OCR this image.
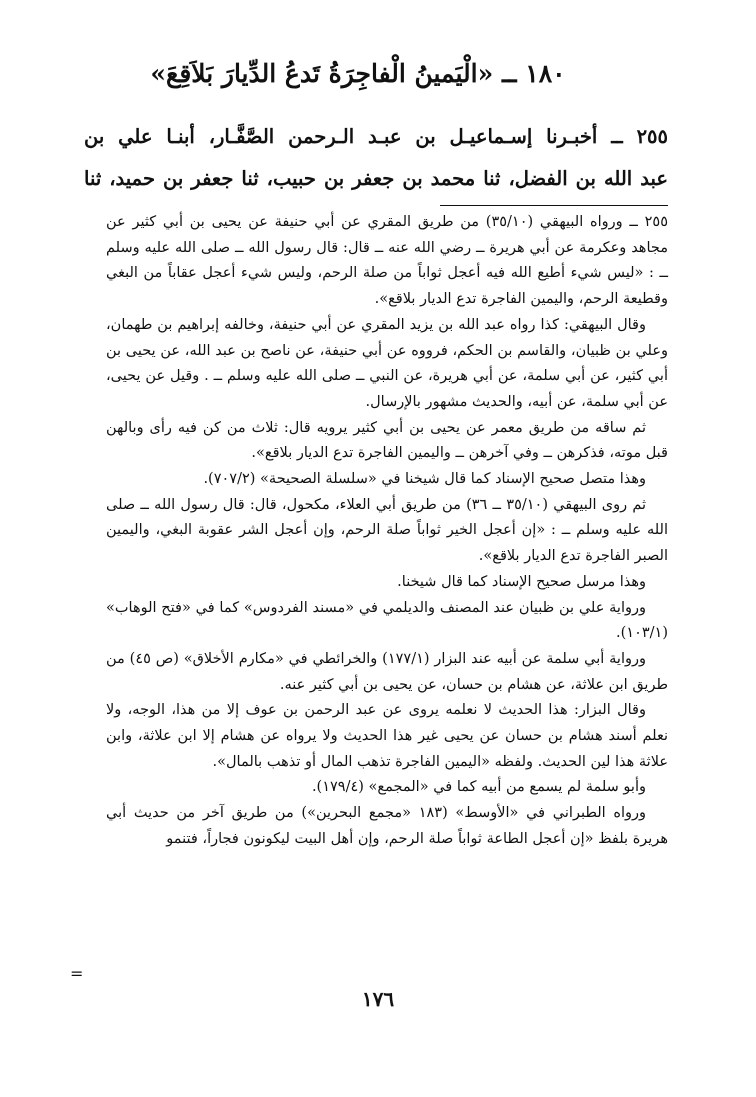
١٨٠ ــ «الْيَمينُ الْفاجِرَةُ تَدعُ الدِّيارَ بَلاَقِعَ»

٢٥٥ ــ أخبـرنا إسـماعيـل بن عبـد الـرحمن الصَّفَّـار، أبنـا علي بن
عبد الله بن الفضل، ثنا محمد بن جعفر بن حبيب، ثنا جعفر بن حميد، ثنا

٢٥٥ ــ ورواه البيهقي (٣٥/١٠) من طريق المقري عن أبي حنيفة عن يحيى بن أبي كثير عن مجاهد وعكرمة عن أبي هريرة ــ رضي الله عنه ــ قال: قال رسول الله ــ صلى الله عليه وسلم ــ : «ليس شيء أطيع الله فيه أعجل ثواباً من صلة الرحم، وليس شيء أعجل عقاباً من البغي وقطيعة الرحم، واليمين الفاجرة تدع الديار بلاقع».

وقال البيهقي: كذا رواه عبد الله بن يزيد المقري عن أبي حنيفة، وخالفه إبراهيم بن طهمان، وعلي بن ظبيان، والقاسم بن الحكم، فرووه عن أبي حنيفة، عن ناصح بن عبد الله، عن يحيى بن أبي كثير، عن أبي سلمة، عن أبي هريرة، عن النبي ــ صلى الله عليه وسلم ــ . وقيل عن يحيى، عن أبي سلمة، عن أبيه، والحديث مشهور بالإرسال.

ثم ساقه من طريق معمر عن يحيى بن أبي كثير يرويه قال: ثلاث من كن فيه رأى وبالهن قبل موته، فذكرهن ــ وفي آخرهن ــ واليمين الفاجرة تدع الديار بلاقع».

وهذا متصل صحيح الإسناد كما قال شيخنا في «سلسلة الصحيحة» (٧٠٧/٢).

ثم روى البيهقي (٣٥/١٠ ــ ٣٦) من طريق أبي العلاء، مكحول، قال: قال رسول الله ــ صلى الله عليه وسلم ــ : «إن أعجل الخير ثواباً صلة الرحم، وإن أعجل الشر عقوبة البغي، واليمين الصبر الفاجرة تدع الديار بلاقع».

وهذا مرسل صحيح الإسناد كما قال شيخنا.

ورواية علي بن ظبيان عند المصنف والديلمي في «مسند الفردوس» كما في «فتح الوهاب» (١٠٣/١).

ورواية أبي سلمة عن أبيه عند البزار (١٧٧/١) والخرائطي في «مكارم الأخلاق» (ص ٤٥) من طريق ابن علاثة، عن هشام بن حسان، عن يحيى بن أبي كثير عنه.

وقال البزار: هذا الحديث لا نعلمه يروى عن عبد الرحمن بن عوف إلا من هذا، الوجه، ولا نعلم أسند هشام بن حسان عن يحيى غير هذا الحديث ولا يرواه عن هشام إلا ابن علاثة، وابن علاثة هذا لين الحديث. ولفظه «اليمين الفاجرة تذهب المال أو تذهب بالمال».

وأبو سلمة لم يسمع من أبيه كما في «المجمع» (١٧٩/٤).

ورواه الطبراني في «الأوسط» (١٨٣ «مجمع البحرين») من طريق آخر من حديث أبي هريرة بلفظ «إن أعجل الطاعة ثواباً صلة الرحم، وإن أهل البيت ليكونون فجاراً، فتنمو

=
١٧٦
